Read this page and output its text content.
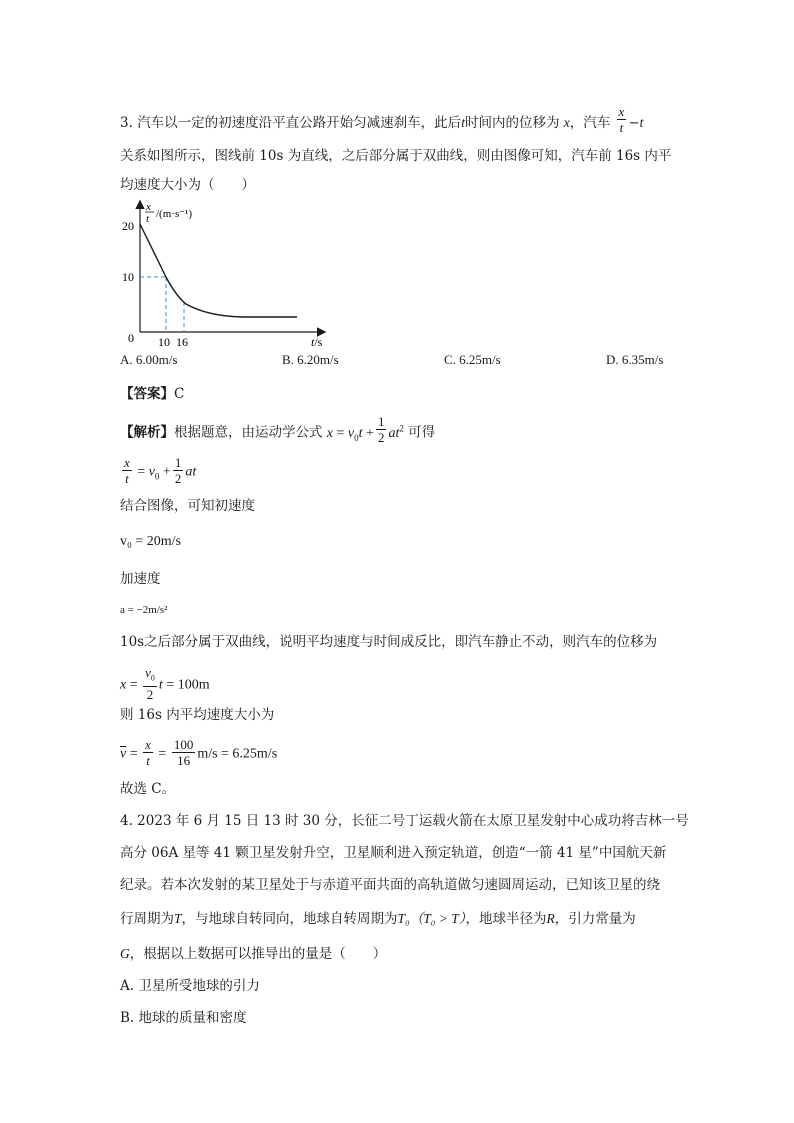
3. 汽车以一定的初速度沿平直公路开始匀减速刹车，此后t时间内的位移为 x，汽车 $\frac{x}{t} -t$
关系如图所示，图线前 10s 为直线，之后部分属于双曲线，则由图像可知，汽车前 16s 内平
均速度大小为（　　）
x
t /(m·s⁻¹)
20
10
0 10 16	t/s
A. 6.00m/s	B. 6.20m/s	C. 6.25m/s	D. 6.35m/s
【答案】C
【解析】根据题意，由运动学公式 $x = v_0t + \frac{1}{2} at^2$ 可得
$\frac{x}{t} = v_0 + \frac{1}{2}$ at
结合图像，可知初速度
v₀ = 20m/s
加速度
a = −2m/s²
10s之后部分属于双曲线，说明平均速度与时间成反比，即汽车静止不动，则汽车的位移为
$x = \frac{v_0}{2}$ t = 100m
则 16s 内平均速度大小为
$\overline{v} = \frac{x}{t} = \frac{100}{16} m/s = 6.25m/s$
故选 C。
4. 2023 年 6 月 15 日 13 时 30 分，长征二号丁运载火箭在太原卫星发射中心成功将吉林一号
高分 06A 星等 41 颗卫星发射升空，卫星顺利进入预定轨道，创造“一箭 41 星”中国航天新
纪录。若本次发射的某卫星处于与赤道平面共面的高轨道做匀速圆周运动，已知该卫星的绕
行周期为T，与地球自转同向，地球自转周期为T₀（T₀ > T），地球半径为R，引力常量为
G，根据以上数据可以推导出的量是（　　）
A. 卫星所受地球的引力
B. 地球的质量和密度
